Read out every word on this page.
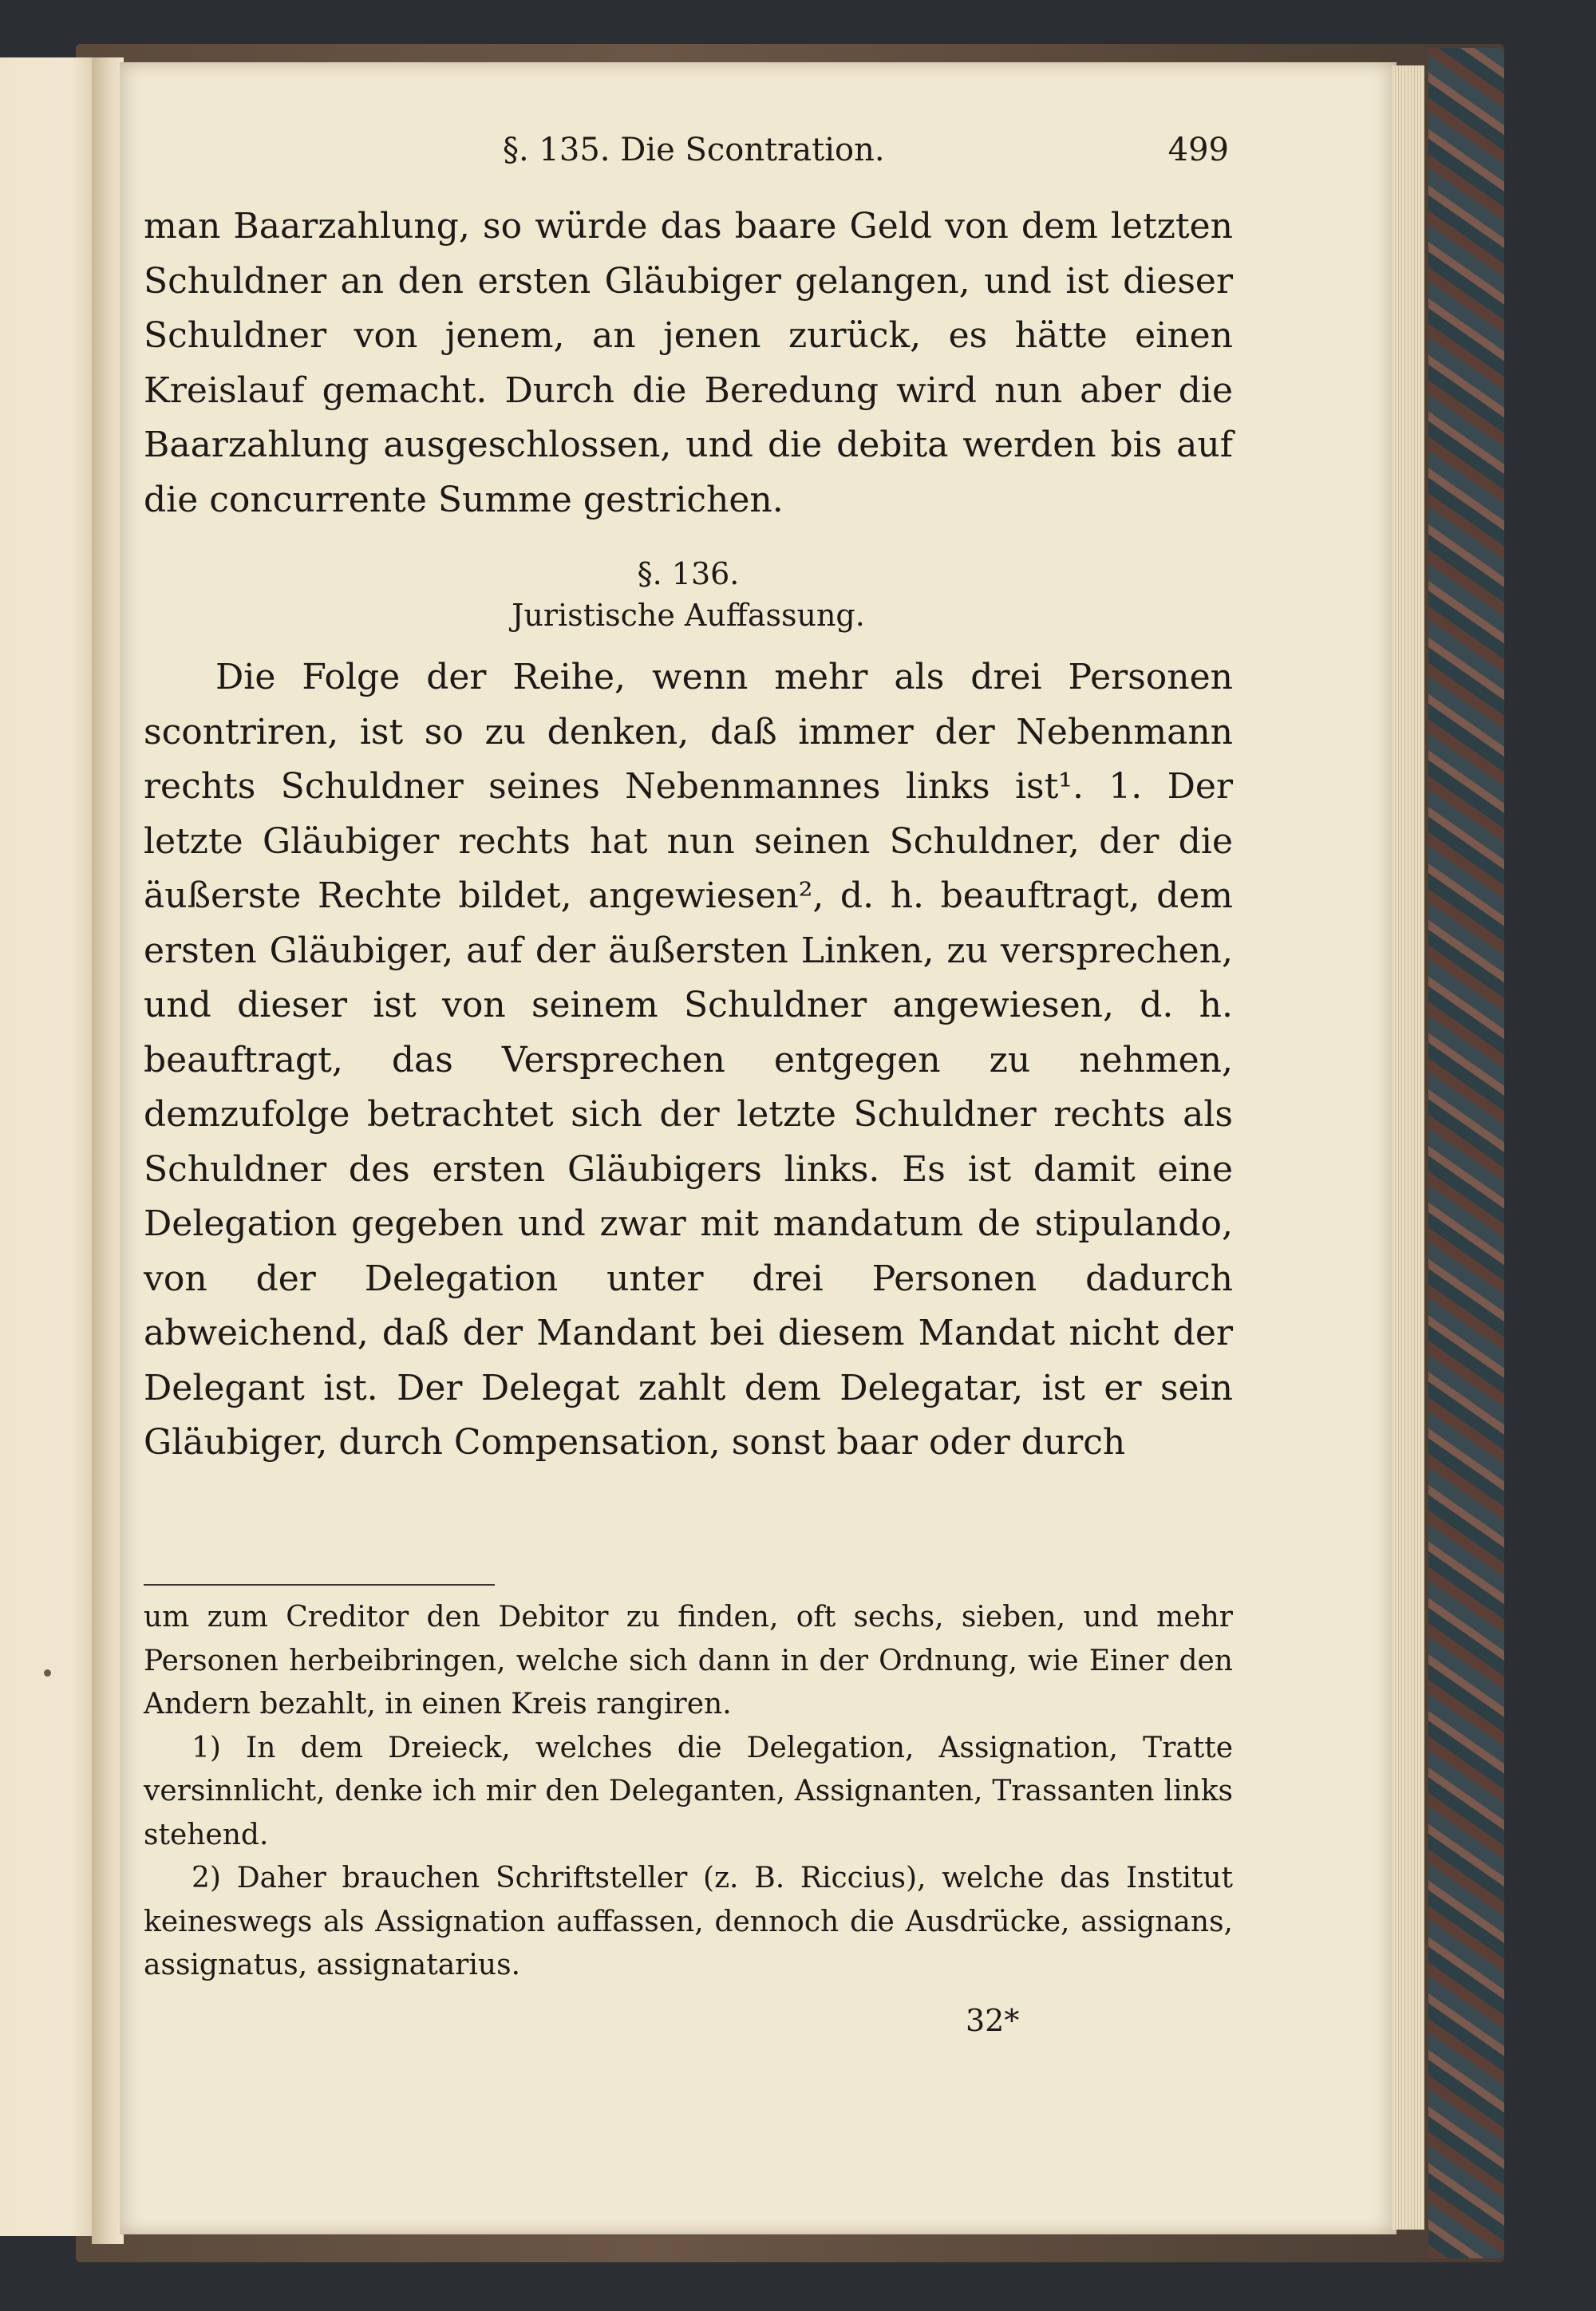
§. 135. Die Scontration.	499

man Baarzahlung, so würde das baare Geld von dem letzten Schuldner an den ersten Gläubiger gelangen, und ist dieser Schuldner von jenem, an jenen zurück, es hätte einen Kreislauf gemacht. Durch die Beredung wird nun aber die Baarzahlung ausgeschlossen, und die debita werden bis auf die concurrente Summe gestrichen.

§. 136.
Juristische Auffassung.

Die Folge der Reihe, wenn mehr als drei Personen scontriren, ist so zu denken, daß immer der Nebenmann rechts Schuldner seines Nebenmannes links ist¹. 1. Der letzte Gläubiger rechts hat nun seinen Schuldner, der die äußerste Rechte bildet, angewiesen², d. h. beauftragt, dem ersten Gläubiger, auf der äußersten Linken, zu versprechen, und dieser ist von seinem Schuldner angewiesen, d. h. beauftragt, das Versprechen entgegen zu nehmen, demzufolge betrachtet sich der letzte Schuldner rechts als Schuldner des ersten Gläubigers links. Es ist damit eine Delegation gegeben und zwar mit mandatum de stipulando, von der Delegation unter drei Personen dadurch abweichend, daß der Mandant bei diesem Mandat nicht der Delegant ist. Der Delegat zahlt dem Delegatar, ist er sein Gläubiger, durch Compensation, sonst baar oder durch

um zum Creditor den Debitor zu finden, oft sechs, sieben, und mehr Personen herbeibringen, welche sich dann in der Ordnung, wie Einer den Andern bezahlt, in einen Kreis rangiren.

1) In dem Dreieck, welches die Delegation, Assignation, Tratte versinnlicht, denke ich mir den Deleganten, Assignanten, Trassanten links stehend.

2) Daher brauchen Schriftsteller (z. B. Riccius), welche das Institut keineswegs als Assignation auffassen, dennoch die Ausdrücke, assignans, assignatus, assignatarius.

32*
